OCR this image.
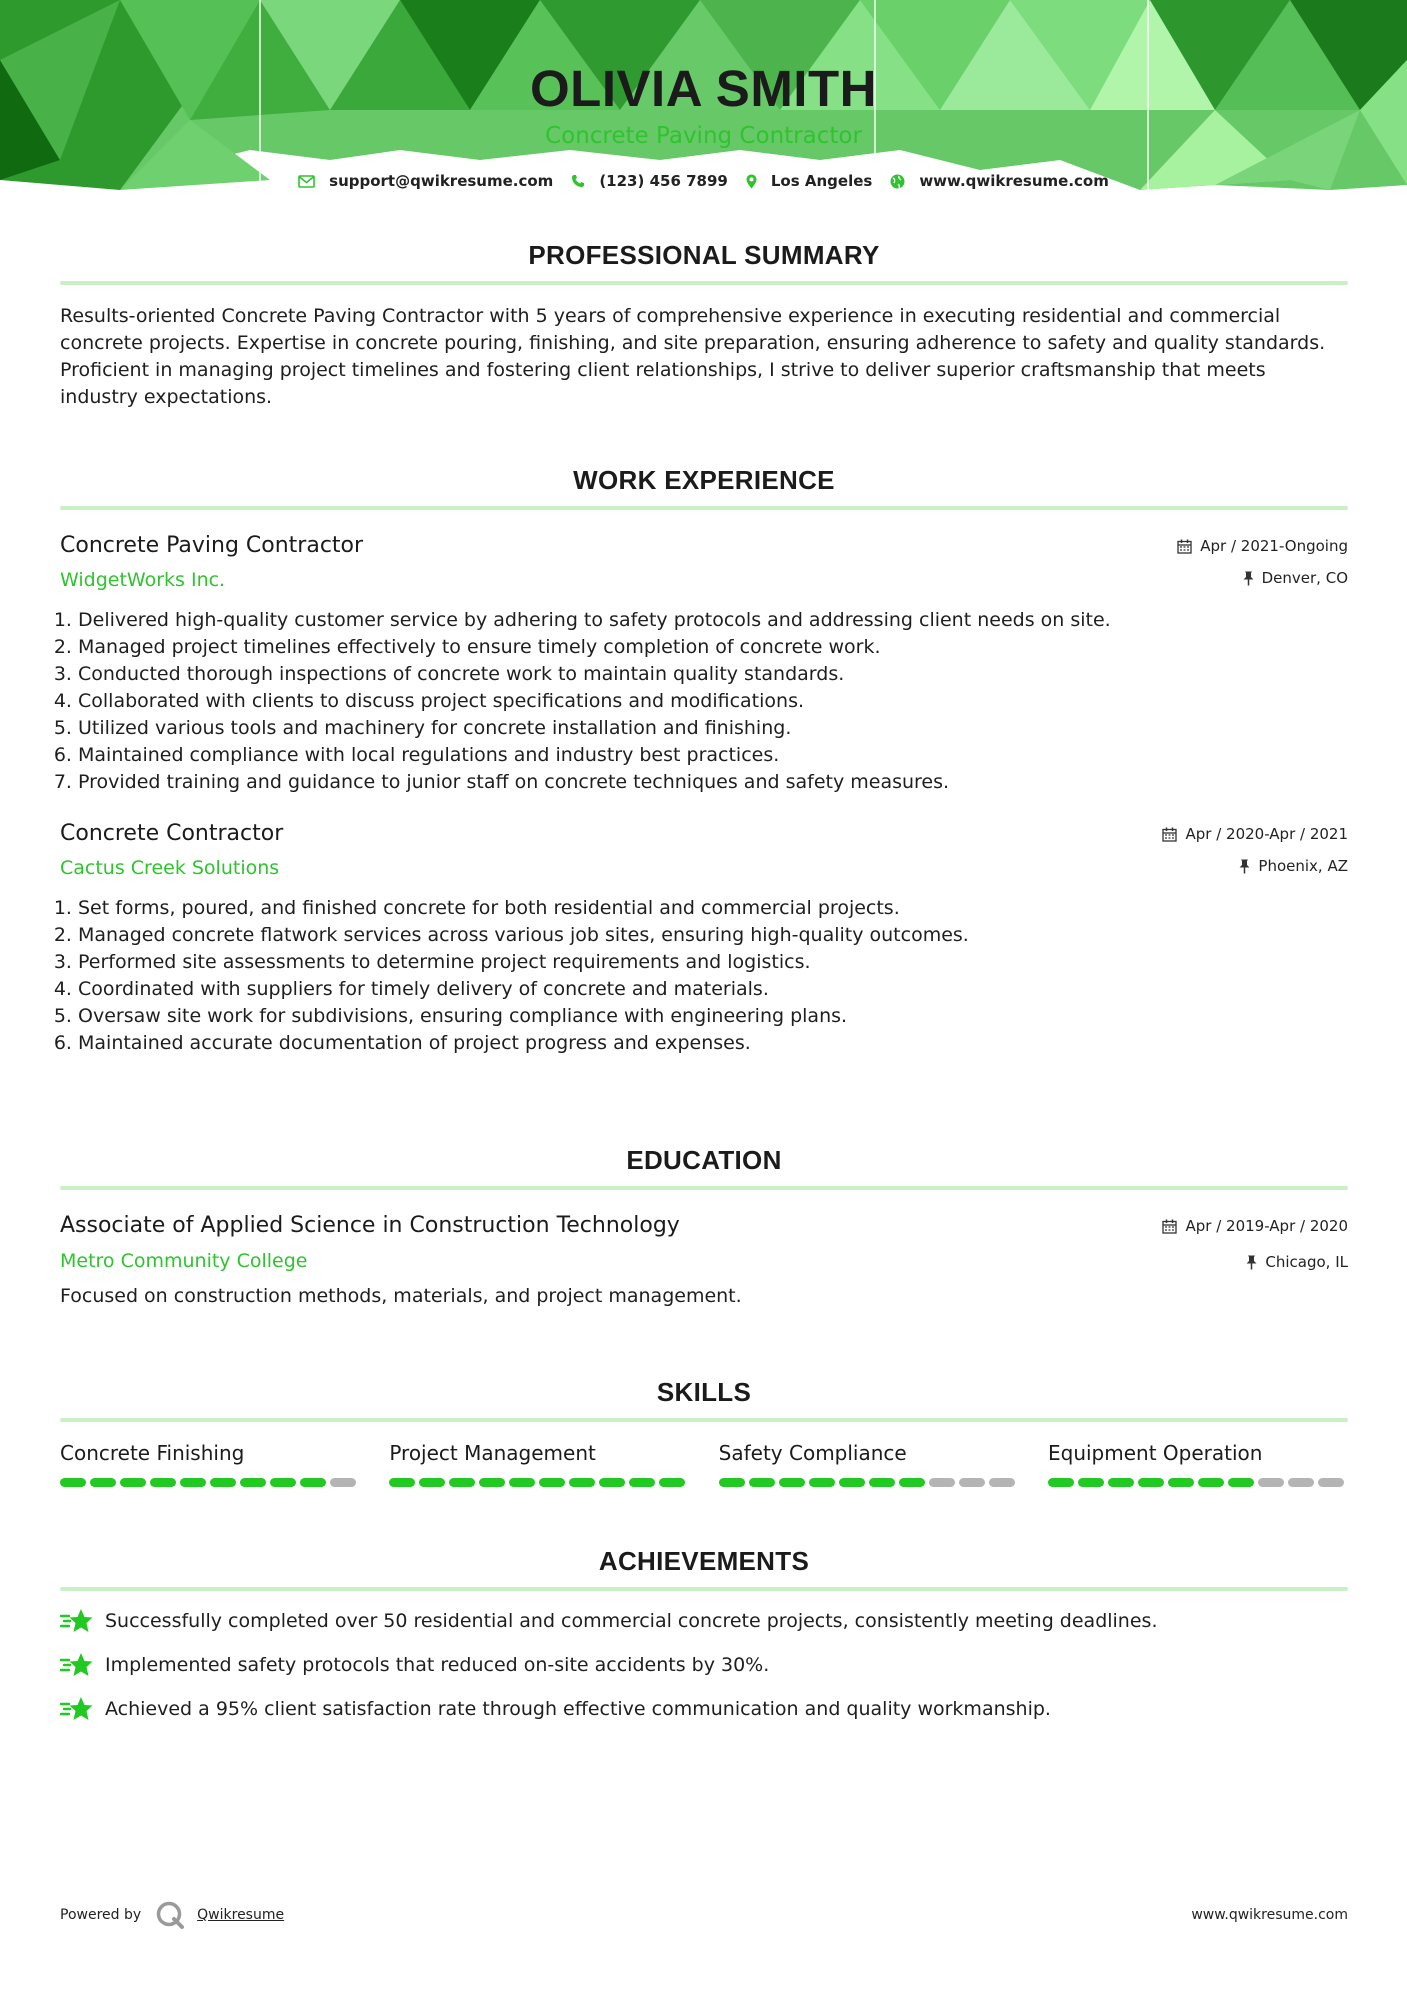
OLIVIA SMITH
Concrete Paving Contractor
support@qwikresume.com	(123) 456 7899	Los Angeles	www.qwikresume.com
PROFESSIONAL SUMMARY

Results-oriented Concrete Paving Contractor with 5 years of comprehensive experience in executing residential and commercial concrete projects. Expertise in concrete pouring, finishing, and site preparation, ensuring adherence to safety and quality standards. Proficient in managing project timelines and fostering client relationships, I strive to deliver superior craftsmanship that meets industry expectations.

WORK EXPERIENCE
Concrete Paving Contractor
WidgetWorks Inc.
Apr / 2021-Ongoing
Denver, CO
1. Delivered high-quality customer service by adhering to safety protocols and addressing client needs on site.
2. Managed project timelines effectively to ensure timely completion of concrete work.
3. Conducted thorough inspections of concrete work to maintain quality standards.
4. Collaborated with clients to discuss project specifications and modifications.
5. Utilized various tools and machinery for concrete installation and finishing.
6. Maintained compliance with local regulations and industry best practices.
7. Provided training and guidance to junior staff on concrete techniques and safety measures.
Concrete Contractor
Cactus Creek Solutions
Apr / 2020-Apr / 2021
Phoenix, AZ
1. Set forms, poured, and finished concrete for both residential and commercial projects.
2. Managed concrete flatwork services across various job sites, ensuring high-quality outcomes.
3. Performed site assessments to determine project requirements and logistics.
4. Coordinated with suppliers for timely delivery of concrete and materials.
5. Oversaw site work for subdivisions, ensuring compliance with engineering plans.
6. Maintained accurate documentation of project progress and expenses.
EDUCATION
Associate of Applied Science in Construction Technology
Metro Community College
Apr / 2019-Apr / 2020
Chicago, IL

Focused on construction methods, materials, and project management.

SKILLS
Concrete Finishing	Project Management	Safety Compliance	Equipment Operation
ACHIEVEMENTS
Successfully completed over 50 residential and commercial concrete projects, consistently meeting deadlines.
Implemented safety protocols that reduced on-site accidents by 30%.
Achieved a 95% client satisfaction rate through effective communication and quality workmanship.
Powered by	Qwikresume	www.qwikresume.com
